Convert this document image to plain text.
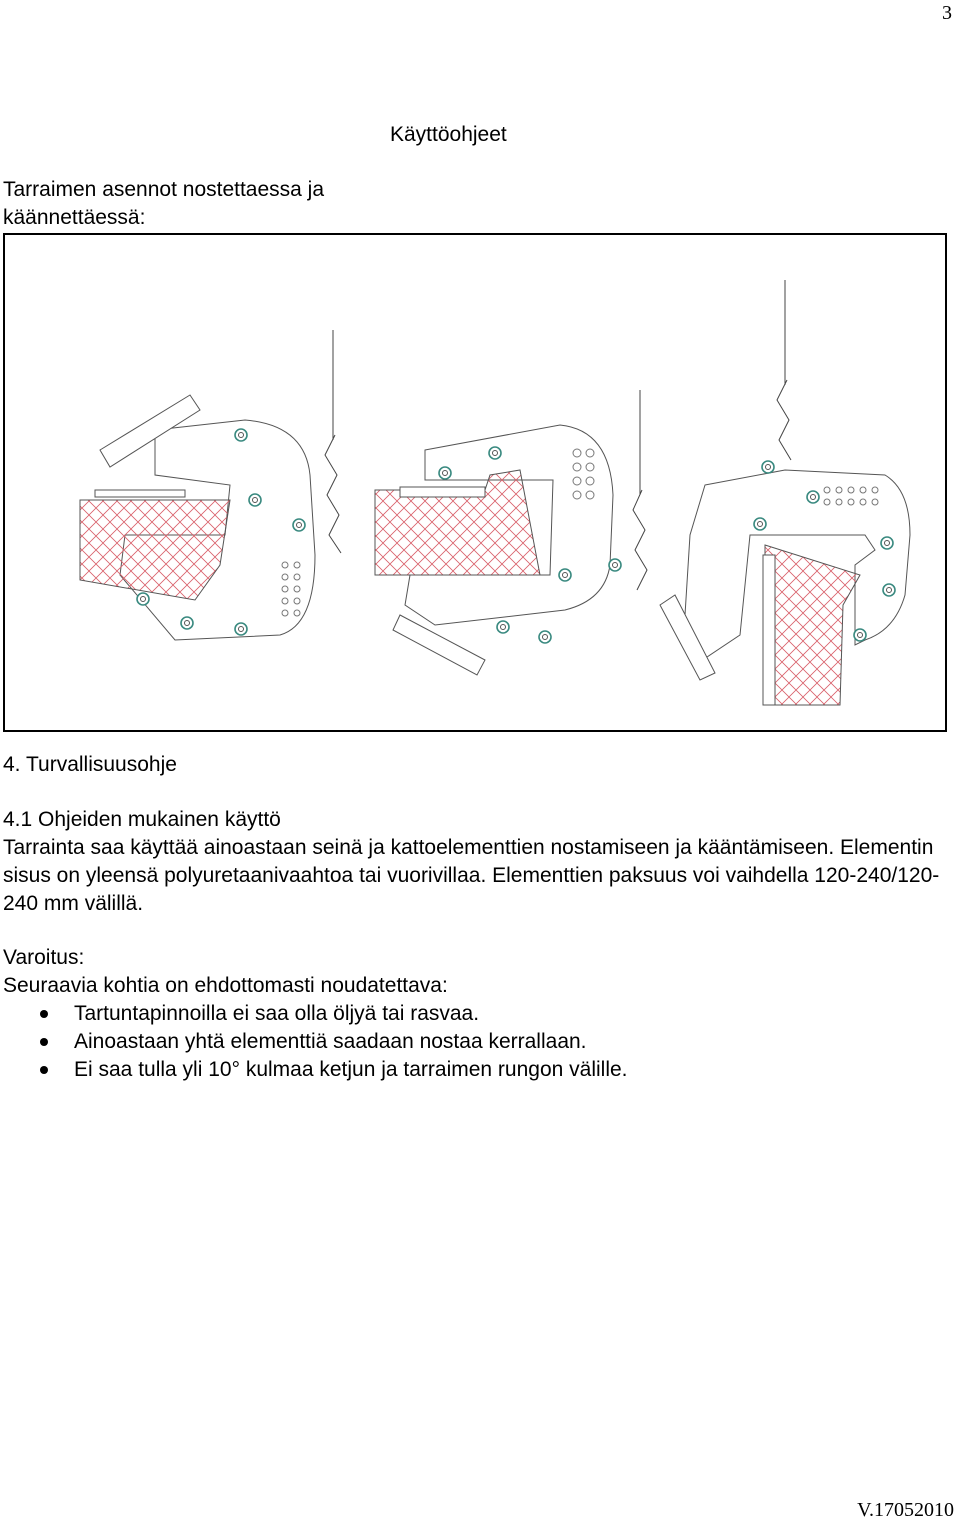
3
Käyttöohjeet
Tarraimen asennot nostettaessa ja käännettäessä:
4. Turvallisuusohje
4.1 Ohjeiden mukainen käyttö
Tarrainta saa käyttää ainoastaan seinä ja kattoelementtien nostamiseen ja kääntämiseen. Elementin sisus on yleensä polyuretaanivaahtoa tai vuorivillaa. Elementtien paksuus voi vaihdella 120-240/120-240 mm välillä.
Varoitus:
Seuraavia kohtia on ehdottomasti noudatettava:
Tartuntapinnoilla ei saa olla öljyä tai rasvaa.
Ainoastaan yhtä elementtiä saadaan nostaa kerrallaan.
Ei saa tulla yli 10° kulmaa ketjun ja tarraimen rungon välille.
V.17052010
